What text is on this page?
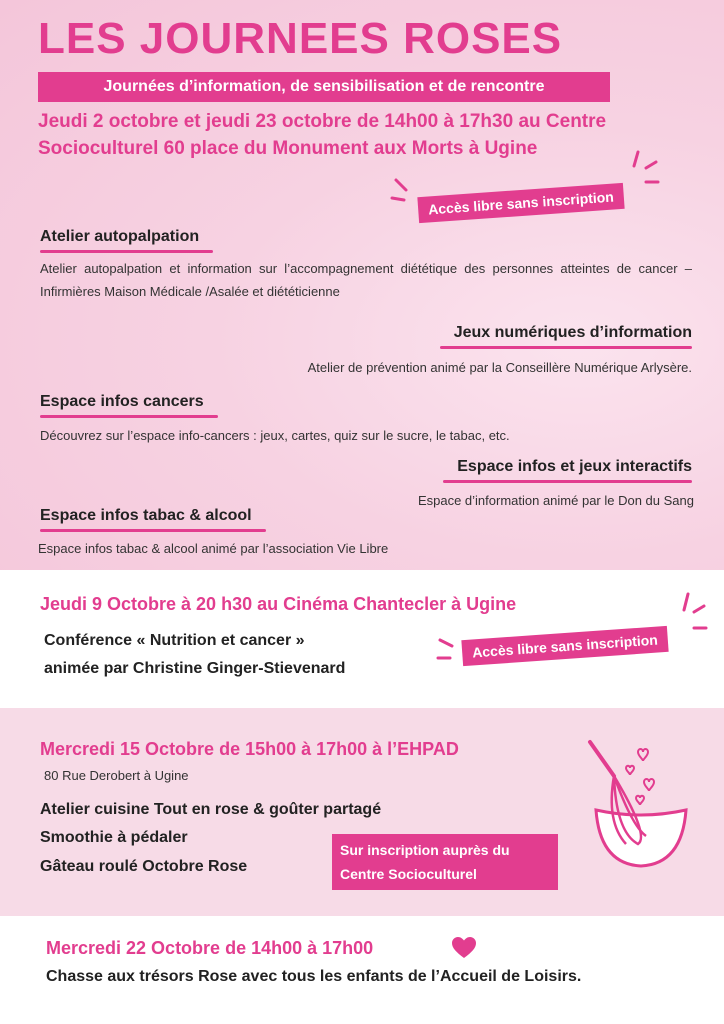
LES JOURNEES ROSES
Journées d’information, de sensibilisation et de rencontre
Jeudi 2 octobre et jeudi 23 octobre de 14h00 à 17h30 au Centre
Socioculturel 60 place du Monument aux Morts à Ugine
Accès libre sans inscription
Atelier autopalpation
Atelier autopalpation et information sur l’accompagnement diététique des personnes atteintes de cancer – Infirmières Maison Médicale /Asalée et diététicienne
Jeux numériques d’information
Atelier de prévention animé par la Conseillère Numérique Arlysère.
Espace infos cancers
Découvrez sur l’espace info-cancers : jeux, cartes, quiz sur le sucre, le tabac, etc.
Espace infos et jeux interactifs
Espace d’information animé par le Don du Sang
Espace infos tabac & alcool
Espace infos tabac & alcool animé par l’association Vie Libre
Jeudi 9 Octobre à 20 h30 au Cinéma Chantecler à Ugine
Conférence « Nutrition et cancer »
animée par Christine Ginger-Stievenard
Accès libre sans inscription
Mercredi 15 Octobre de 15h00 à 17h00 à l’EHPAD
80 Rue Derobert à Ugine
Atelier cuisine Tout en rose & goûter partagé
Smoothie à pédaler
Gâteau roulé Octobre Rose
Sur inscription auprès du Centre Socioculturel
Mercredi 22 Octobre de 14h00 à 17h00
Chasse aux trésors Rose avec tous les enfants de l’Accueil de Loisirs.
